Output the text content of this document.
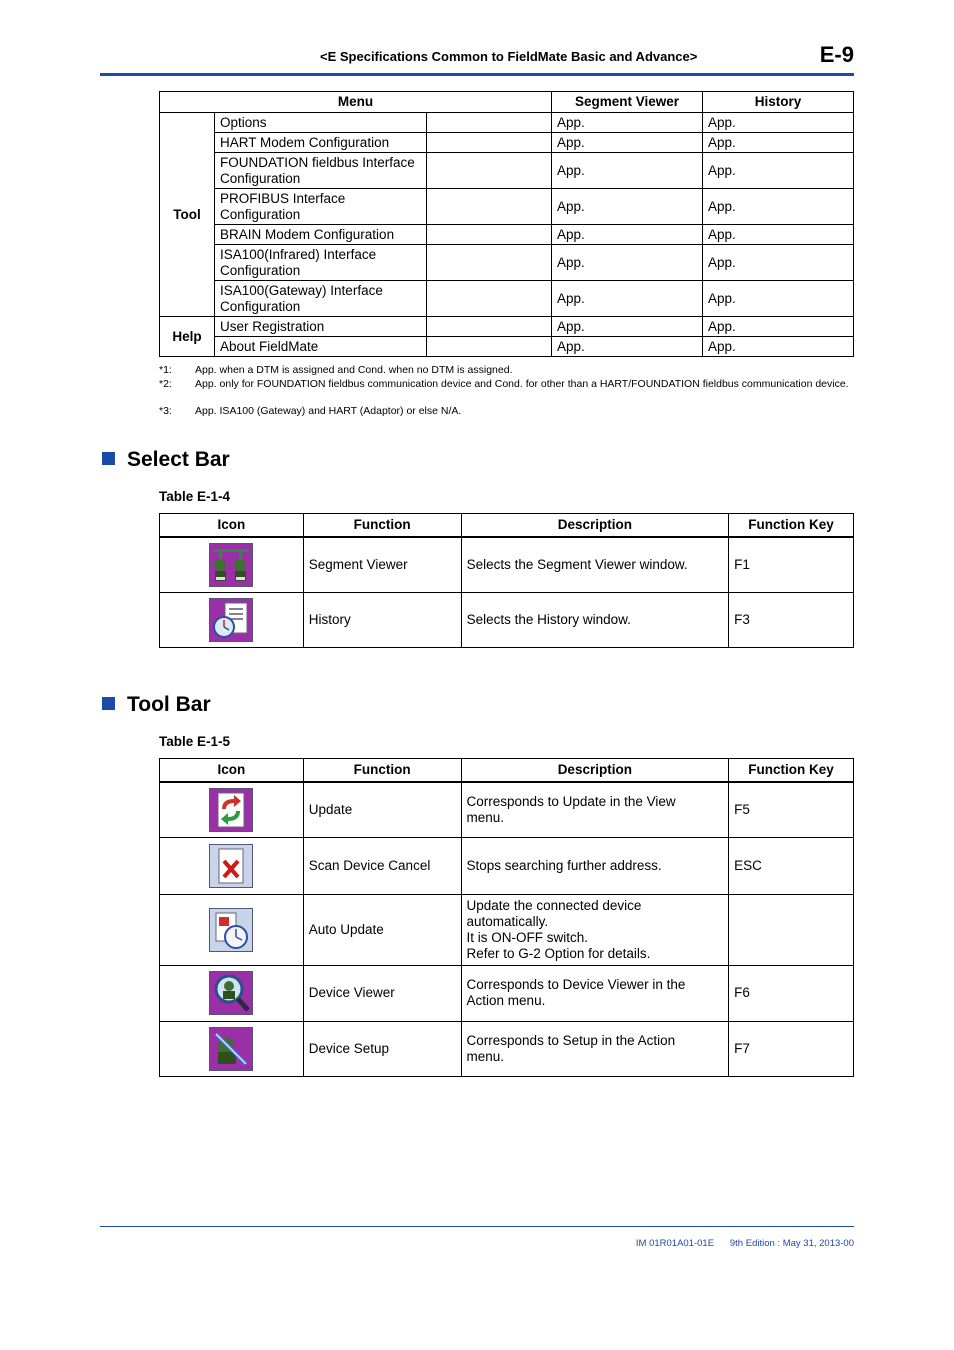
<E Specifications Common to FieldMate Basic and Advance>	E-9
Menu			Segment Viewer	History
Tool	Options		App.	App.
	HART Modem Configuration		App.	App.
	FOUNDATION fieldbus Interface Configuration		App.	App.
	PROFIBUS Interface Configuration		App.	App.
	BRAIN Modem Configuration		App.	App.
	ISA100(Infrared) Interface Configuration		App.	App.
	ISA100(Gateway) Interface Configuration		App.	App.
Help	User Registration		App.	App.
	About FieldMate		App.	App.
*1: App. when a DTM is assigned and Cond. when no DTM is assigned.
*2: App. only for FOUNDATION fieldbus communication device and Cond. for other than a HART/FOUNDATION fieldbus communication device.
*3: App. ISA100 (Gateway) and HART (Adaptor) or else N/A.
Select Bar
Table E-1-4
Icon	Function	Description	Function Key
	Segment Viewer	Selects the Segment Viewer window.	F1
	History	Selects the History window.	F3
Tool Bar
Table E-1-5
Icon	Function	Description	Function Key
	Update	Corresponds to Update in the View menu.	F5
	Scan Device Cancel	Stops searching further address.	ESC
	Auto Update	Update the connected device automatically.
It is ON-OFF switch.
Refer to G-2 Option for details.	
	Device Viewer	Corresponds to Device Viewer in the Action menu.	F6
	Device Setup	Corresponds to Setup in the Action menu.	F7
IM 01R01A01-01E      9th Edition : May 31, 2013-00
